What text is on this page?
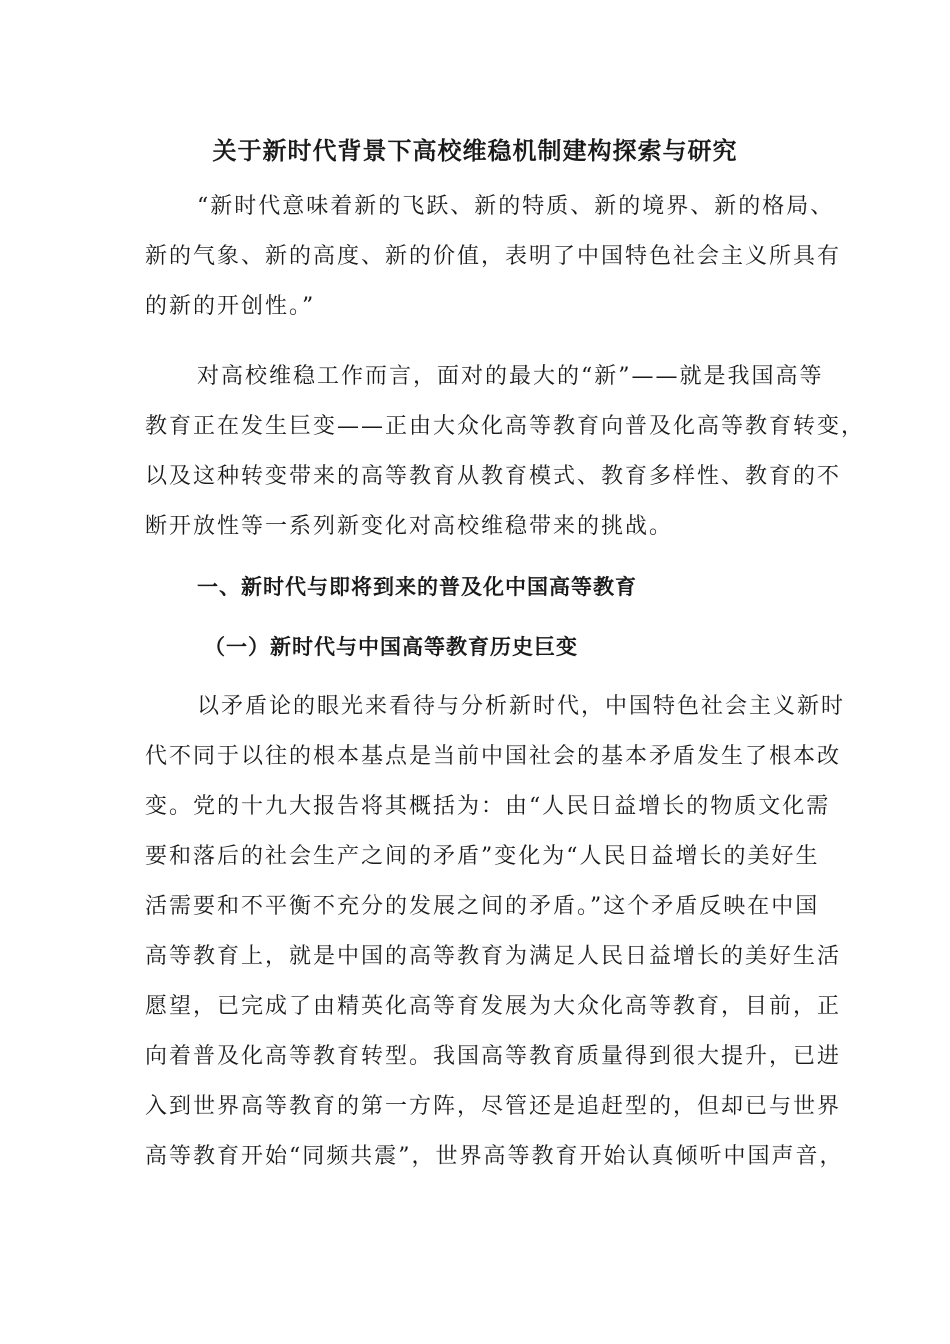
关于新时代背景下高校维稳机制建构探索与研究
“新时代意味着新的飞跃、新的特质、新的境界、新的格局、
新的气象、新的高度、新的价值，表明了中国特色社会主义所具有
的新的开创性。”
对高校维稳工作而言，面对的最大的“新”——就是我国高等
教育正在发生巨变——正由大众化高等教育向普及化高等教育转变，
以及这种转变带来的高等教育从教育模式、教育多样性、教育的不
断开放性等一系列新变化对高校维稳带来的挑战。
一、新时代与即将到来的普及化中国高等教育
（一）新时代与中国高等教育历史巨变
以矛盾论的眼光来看待与分析新时代，中国特色社会主义新时
代不同于以往的根本基点是当前中国社会的基本矛盾发生了根本改
变。党的十九大报告将其概括为：由“人民日益增长的物质文化需
要和落后的社会生产之间的矛盾”变化为“人民日益增长的美好生
活需要和不平衡不充分的发展之间的矛盾。”这个矛盾反映在中国
高等教育上，就是中国的高等教育为满足人民日益增长的美好生活
愿望，已完成了由精英化高等育发展为大众化高等教育，目前，正
向着普及化高等教育转型。我国高等教育质量得到很大提升，已进
入到世界高等教育的第一方阵，尽管还是追赶型的，但却已与世界
高等教育开始“同频共震”，世界高等教育开始认真倾听中国声音，
